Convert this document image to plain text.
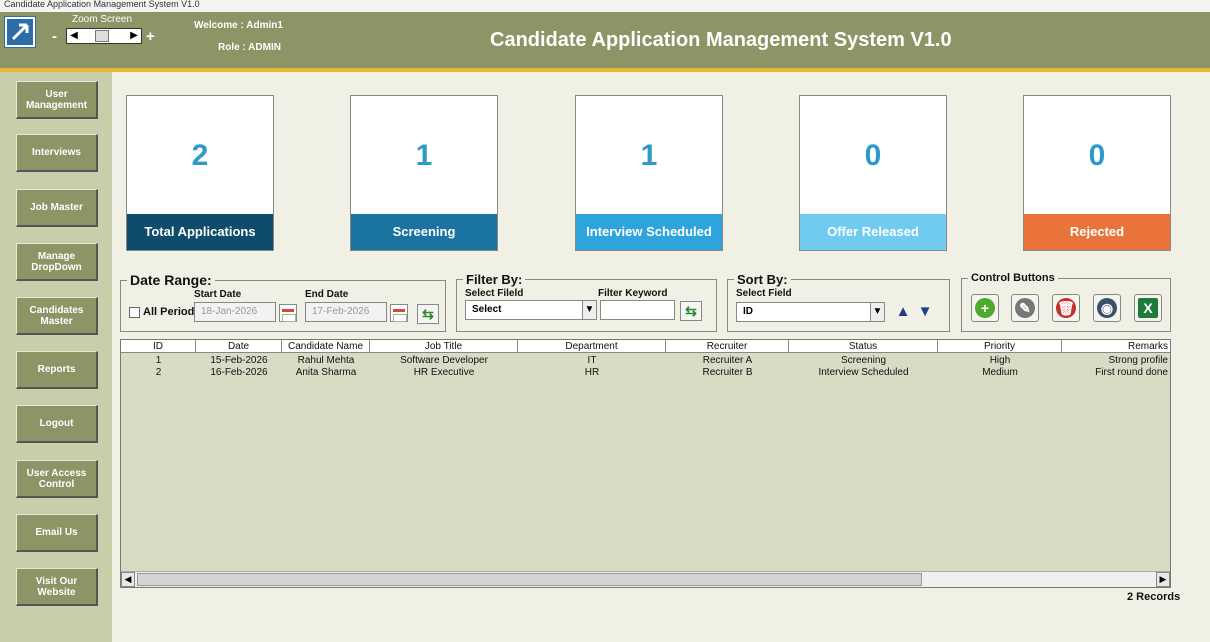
Candidate Application Management System V1.0
Zoom Screen
-	◀	▶ +
Welcome : Admin1
Role : ADMIN	Candidate Application Management System V1.0
User Management
Interviews
Job Master
Manage DropDown
Candidates Master
Reports
Logout
User Access Control
Email Us
Visit Our Website
2
Total Applications
1
Screening
1
Interview Scheduled
0
Offer Released
0
Rejected
Date Range:
All Period
Start Date	End Date
18-Jan-2026	17-Feb-2026	⇆
Filter By:
Select Fileld	Filter Keyword
Select	▼	⇆
Sort By:
Select Field
ID	▼ ▲ ▼
Control Buttons
+	✎ 🗑 ◉	X
ID	Date	Candidate Name	Job Title	Department	Recruiter	Status	Priority	Remarks
1	15-Feb-2026	Rahul Mehta	Software Developer	IT	Recruiter A	Screening	High	Strong profile
2	16-Feb-2026	Anita Sharma	HR Executive	HR	Recruiter B	Interview Scheduled	Medium	First round done
◀	▶
2 Records
